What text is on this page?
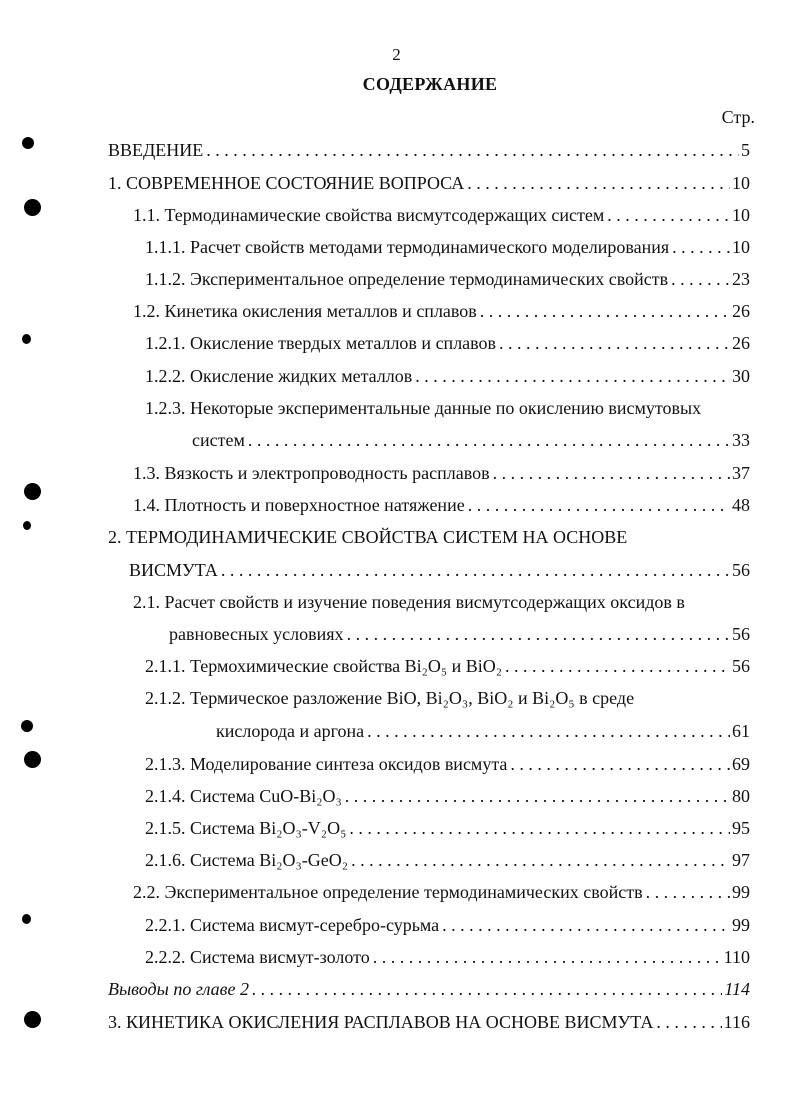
2
СОДЕРЖАНИЕ
Стр.
ВВЕДЕНИЕ . . .	5
1. СОВРЕМЕННОЕ СОСТОЯНИЕ ВОПРОСА . . .	10
1.1. Термодинамические свойства висмутсодержащих систем . . .	10
1.1.1. Расчет свойств методами термодинамического моделирования . . .	10
1.1.2. Экспериментальное определение термодинамических свойств . . .	23
1.2. Кинетика окисления металлов и сплавов . . .	26
1.2.1. Окисление твердых металлов и сплавов . . .	26
1.2.2. Окисление жидких металлов . . .	30
1.2.3. Некоторые экспериментальные данные по окислению висмутовых
систем . . .	33
1.3. Вязкость и электропроводность расплавов . . .	37
1.4. Плотность и поверхностное натяжение . . .	48
2. ТЕРМОДИНАМИЧЕСКИЕ СВОЙСТВА СИСТЕМ НА ОСНОВЕ
ВИСМУТА . . .	56
2.1. Расчет свойств и изучение поведения висмутсодержащих оксидов в
равновесных условиях . . .	56
2.1.1. Термохимические свойства Bi₂O₅ и BiO₂ . . .	56
2.1.2. Термическое разложение BiO, Bi₂O₃, BiO₂ и Bi₂O₅ в среде
кислорода и аргона . . .	61
2.1.3. Моделирование синтеза оксидов висмута . . .	69
2.1.4. Система CuO-Bi₂O₃ . . .	80
2.1.5. Система Bi₂O₃-V₂O₅ . . .	95
2.1.6. Система Bi₂O₃-GeO₂ . . .	97
2.2. Экспериментальное определение термодинамических свойств . . .	99
2.2.1. Система висмут-серебро-сурьма . . .	99
2.2.2. Система висмут-золото . . .	110
Выводы по главе 2 . . .	114
3. КИНЕТИКА ОКИСЛЕНИЯ РАСПЛАВОВ НА ОСНОВЕ ВИСМУТА . . .	116
